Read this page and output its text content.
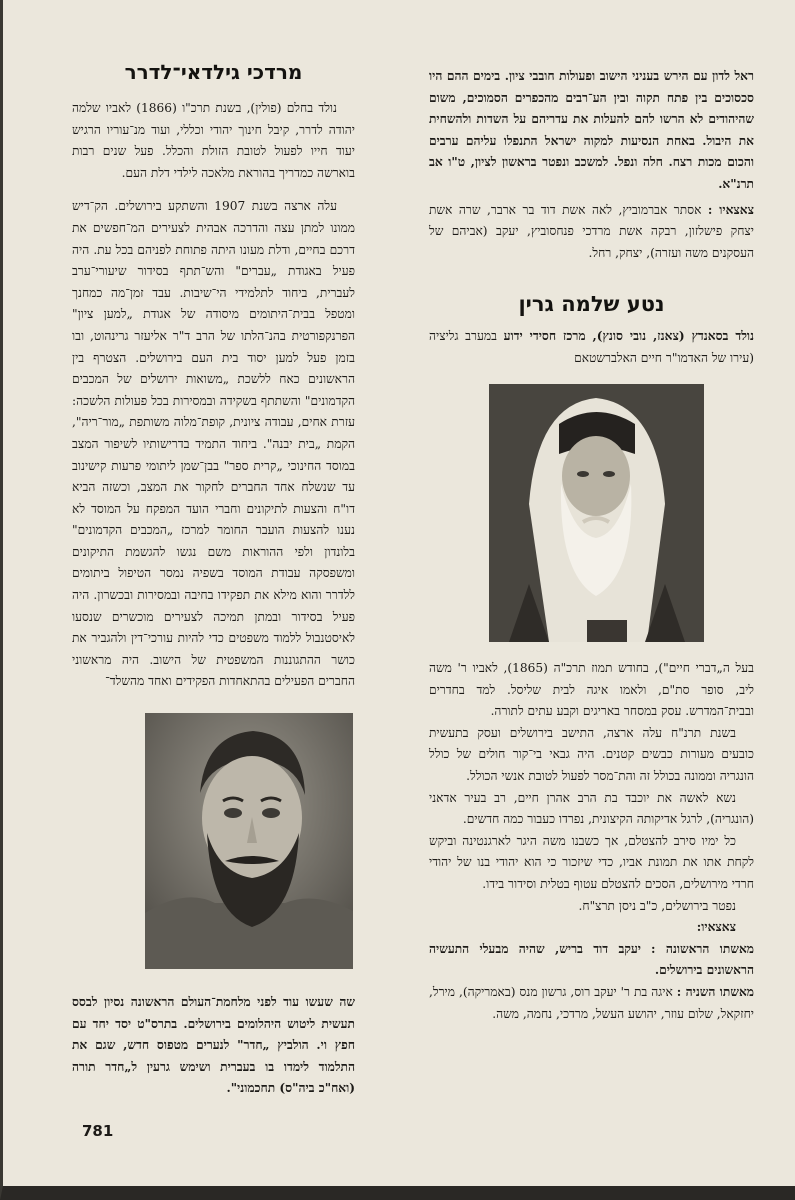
מרדכי גילדאי־לדרר

נולד בחלם (פולין), בשנת תרכ"ו (1866) לאביו שלמה יהודה לדרר, קיבל חינוך יהודי וכללי, ועוד מנ־עוריו הרגיש יעוד חייו לפעול לטובת הזולת והכלל. פעל שנים רבות בוארשה כמדריך בהוראת מלאכה לילדי דלת העם.

עלה ארצה בשנת 1907 והשתקע בירושלים. הק־דיש ממונו למתן עצה והדרכה אבהית לצעירים המ־חפשים את דרכם בחיים, ודלת מעונו היתה פתוחת לפניהם בכל עת. היה פעיל באגודת „עברים" והש־תתף בסידור שיעורי־ערב לעברית, ביחוד לתלמידי הי־שיבות. עבד זמן־מה כמחנך ומטפל בבית־היתומים מיסודה של אגודת „למען ציון" הפרנקפורטית בהנ־הלתו של הרב ד"ר אליעזר גרינהוט, ובו בזמן פעל למען יסוד בית העם בירושלים. הצטרף בין הראשונים כאח ללשכת „משואות ירושלים של המכבים הקדמונים" והשתתף בשקידה ובמסירות בכל פעולות הלשכה: עזרת אחים, עבודה ציונית, קופת־מלוה משותפת „מור־ריה", הקמת „בית יבנה". ביחוד התמיד בדרישותיו לשיפור המצב במוסד החינוכי „קרית ספר" בבן־שמן ליתומי פרעות קישינוב עד שנשלח אחד החברים לחקור את המצב, וכשזה הביא דו"ח והצעות לתיקונים וחברי הועד המפקח על המוסד לא נענו להצעות הועבר החומר למרכז „המכבים הקדמונים" בלונדון ולפי ההוראות משם נגשו להגשמת התיקונים ומשפסקה עבודת המוסד בשפיה נמסר הטיפול ביתומים ללדרר והוא מילא את תפקידו בחיבה ובמסירות ובכשרון. היה פעיל בסידור ובמתן תמיכה לצעירים מוכשרים שנסעו לאיסטנבול ללמוד משפטים כדי להיות עורכי־דין ולהגביר את כושר ההתגוננות המשפטית של הישוב. היה מראשוני החברים הפעילים בהתאחדות הפקידים ואחד מהשלד־

שה שעשו עוד לפני מלחמת־העולם הראשונה נסיון לבסס תעשית ליטוש היהלומים בירושלים. בתרס"ט יסד יחד עם חפץ וי. הולביץ „חדר" לנערים מטפוס חדש, שגם את התלמוד לימדו בו בעברית ושימש גרעין ל„חדר תורה (ואח"כ ביה"ס) תחכמוני".

ראל לדון עם הירש בעניני הישוב ופעולות חובבי ציון. בימים ההם היו סכסוכים בין פתח תקוה ובין הע־רבים מהכפרים הסמוכים, משום שהיהודים לא הרשו להם להעלות את עדריהם על השדות ולהשחית את היבול. באחת הנסיעות למקוה ישראל התנפלו עליהם ערבים והכום מכות רצח. חלה ונפל. למשכב ונפטר בראשון לציון, ט"ו אב תרנ"א.

צאצאיו : אסתר אברמוביץ, לאה אשת דוד בר ארבר, שרה אשת יצחק פישלזון, רבקה אשת מרדכי פנחסוביץ, יעקב (אביהם של העסקנים משה ועזרה), יצחק, רחל.

נטע שלמה גרין

נולד בסאנדץ (צאנז, נובי סונץ), מרכז חסידי ידוע במערב גליציה (עירו של האדמו"ר חיים האלברשטאם

בעל ה„דברי חיים"), בחודש תמוז תרכ"ה (1865), לאביו ר' משה ליב, סופר סת"ם, ולאמו איגה לבית שליסל. למד בחדרים ובבית־המדרש. עסק במסחר באריגים וקבע עתים לתורה.

בשנת תרנ"ח עלה ארצה, התישב בירושלים ועסק בתעשית כובעים מעורות כבשים קטנים. היה גבאי בי־קור חולים של כולל הונגריה וממונה בכולל זה והת־מסר לפעול לטובת אנשי הכולל.

נשא לאשה את יוכבד בת הרב אהרן חיים, רב בעיר אדאני (הונגריה), לרגל אדיקותה הקיצונית, נפרדו כעבור כמה חדשים.

כל ימיו סירב להצטלם, אך כשבנו משה היגר לארגנטינה וביקש לקחת אתו את תמונת אביו, כדי שיזכור כי הוא יהודי בנו של יהודי חרדי מירושלים, הסכים להצטלם עטוף בטלית וסידור בידו.

נפטר בירושלים, כ"ב ניסן תרצ"ח.

צאצאיו:

מאשתו הראשונה : יעקב דוד בריש, שהיה מבעלי התעשיה הראשונים בירושלים.

מאשתו השניה : איגה בת ר' יעקב רוס, גרשון מנס (באמריקה), מירל, יחזקאל, שלום עוזר, יהושע העשל, מרדכי, נחמה, משה.

781
